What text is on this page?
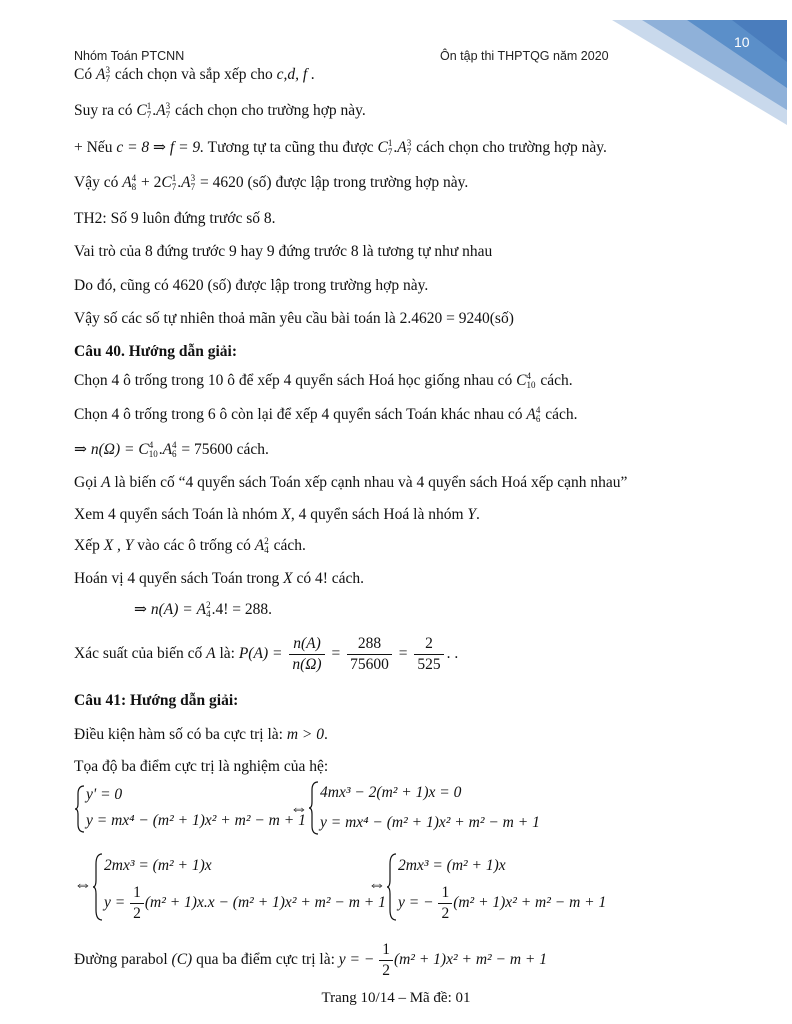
10
Nhóm Toán PTCNN	Ôn tập thi THPTQG năm 2020
Có A 3
7 cách chọn và sắp xếp cho c,d, f .
Suy ra có C 1
7 .A 3
7 cách chọn cho trường hợp này.
+ Nếu c = 8 ⇒ f = 9. Tương tự ta cũng thu được C 1
7 .A 3
7 cách chọn cho trường hợp này.
Vậy có A 4
8 + 2C 1
7 .A 3
7 = 4620 (số) được lập trong trường hợp này.
TH2: Số 9 luôn đứng trước số 8.
Vai trò của 8 đứng trước 9 hay 9 đứng trước 8 là tương tự như nhau
Do đó, cũng có 4620 (số) được lập trong trường hợp này.
Vậy số các số tự nhiên thoả mãn yêu cầu bài toán là 2.4620 = 9240(số)
Câu 40. Hướng dẫn giải:
Chọn 4 ô trống trong 10 ô để xếp 4 quyển sách Hoá học giống nhau có C 4
10 cách.
Chọn 4 ô trống trong 6 ô còn lại để xếp 4 quyển sách Toán khác nhau có A 4
6 cách.
⇒ n(Ω) = C 4
10 .A 4
6 = 75600 cách.
Gọi A là biến cố “4 quyển sách Toán xếp cạnh nhau và 4 quyển sách Hoá xếp cạnh nhau”
Xem 4 quyển sách Toán là nhóm X, 4 quyển sách Hoá là nhóm Y.
Xếp X , Y vào các ô trống có A 2
4 cách.
Hoán vị 4 quyển sách Toán trong X có 4! cách.
⇒ n(A) = A 2
4 .4! = 288.
Xác suất của biến cố A là: $P(A) = \frac{n(A)}{n(\Omega)} = \frac{288}{75600} = \frac{2}{525}$ . .
Câu 41: Hướng dẫn giải:
Điều kiện hàm số có ba cực trị là: m > 0.
Tọa độ ba điểm cực trị là nghiệm của hệ:
y' = 0
y = mx⁴ − (m² + 1)x² + m² − m + 1
⇔
4mx³ − 2(m² + 1)x = 0
y = mx⁴ − (m² + 1)x² + m² − m + 1
⇔
2mx³ = (m² + 1)x
$y = \frac{1}{2} (m^2 + 1)x.x - (m^2 + 1)x^2 + m^2 - m + 1$
⇔
2mx³ = (m² + 1)x
y = − $\frac{1}{2} (m^2 + 1)x^2 + m^2 - m + 1$
Đường parabol (C) qua ba điểm cực trị là: y = − $\frac{1}{2} (m^2 + 1)x^2 + m^2 - m + 1$
Trang 10/14 – Mã đề: 01
